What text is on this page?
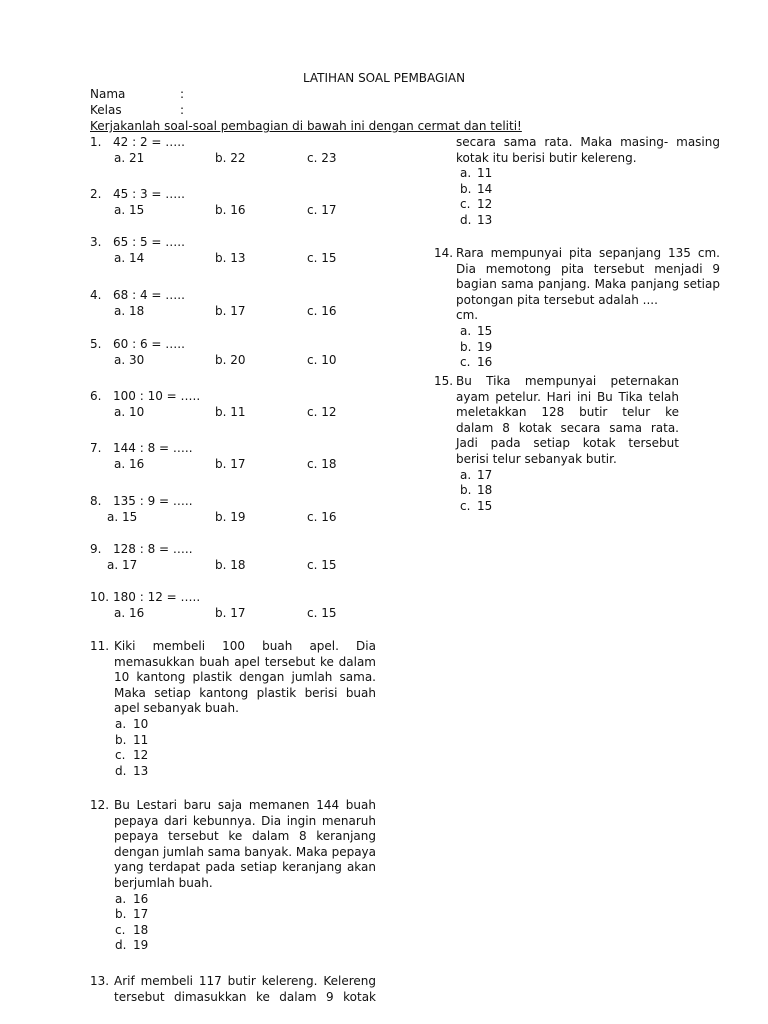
LATIHAN SOAL PEMBAGIAN
Nama	:
Kelas	:
Kerjakanlah soal-soal pembagian di bawah ini dengan cermat dan teliti!
1. 42 : 2 = …..
a. 21	b. 22	c. 23
2. 45 : 3 = …..
a. 15	b. 16	c. 17
3. 65 : 5 = …..
a. 14	b. 13	c. 15
4. 68 : 4 = …..
a. 18	b. 17	c. 16
5. 60 : 6 = …..
a. 30	b. 20	c. 10
6. 100 : 10 = …..
a. 10	b. 11	c. 12
7. 144 : 8 = …..
a. 16	b. 17	c. 18
8. 135 : 9 = …..
a. 15	b. 19	c. 16
9. 128 : 8 = …..
a. 17	b. 18	c. 15
10. 180 : 12 = …..
a. 16	b. 17	c. 15
11. Kiki membeli 100 buah apel. Dia
memasukkan buah apel tersebut ke dalam
10 kantong plastik dengan jumlah sama.
Maka setiap kantong plastik berisi buah
apel sebanyak buah.
a. 10
b. 11
c. 12
d. 13
12. Bu Lestari baru saja memanen 144 buah
pepaya dari kebunnya. Dia ingin menaruh
pepaya tersebut ke dalam 8 keranjang
dengan jumlah sama banyak. Maka pepaya
yang terdapat pada setiap keranjang akan
berjumlah buah.
a. 16
b. 17
c. 18
d. 19
13. Arif membeli 117 butir kelereng. Kelereng
tersebut dimasukkan ke dalam 9 kotak
secara sama rata. Maka masing- masing
kotak itu berisi butir kelereng.
a. 11
b. 14
c. 12
d. 13
14. Rara mempunyai pita sepanjang 135 cm.
Dia memotong pita tersebut menjadi 9
bagian sama panjang. Maka panjang setiap
potongan pita tersebut adalah ....
cm.
a. 15
b. 19
c. 16
15. Bu Tika mempunyai peternakan
ayam petelur. Hari ini Bu Tika telah
meletakkan 128 butir telur ke
dalam 8 kotak secara sama rata.
Jadi pada setiap kotak tersebut
berisi telur sebanyak butir.
a. 17
b. 18
c. 15
